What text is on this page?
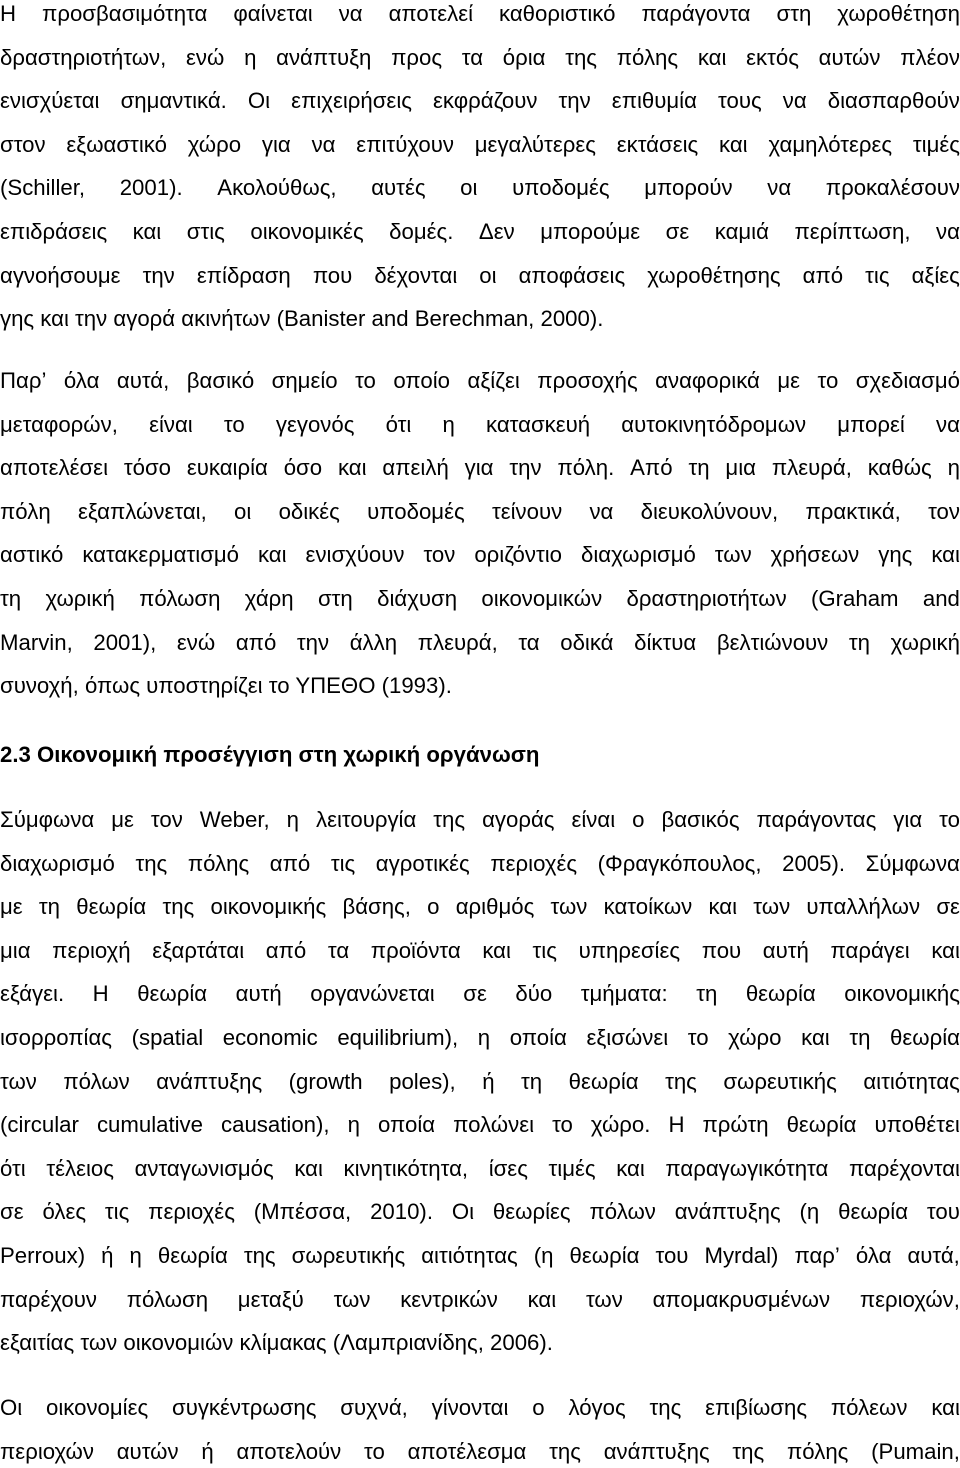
Η προσβασιμότητα φαίνεται να αποτελεί καθοριστικό παράγοντα στη χωροθέτηση
δραστηριοτήτων, ενώ η ανάπτυξη προς τα όρια της πόλης και εκτός αυτών πλέον
ενισχύεται σημαντικά. Οι επιχειρήσεις εκφράζουν την επιθυμία τους να διασπαρθούν
στον εξωαστικό χώρο για να επιτύχουν μεγαλύτερες εκτάσεις και χαμηλότερες τιμές
(Schiller, 2001). Ακολούθως, αυτές οι υποδομές μπορούν να προκαλέσουν
επιδράσεις και στις οικονομικές δομές. Δεν μπορούμε σε καμιά περίπτωση, να
αγνοήσουμε την επίδραση που δέχονται οι αποφάσεις χωροθέτησης από τις αξίες
γης και την αγορά ακινήτων (Banister and Berechman, 2000).
Παρ’ όλα αυτά, βασικό σημείο το οποίο αξίζει προσοχής αναφορικά με το σχεδιασμό
μεταφορών, είναι το γεγονός ότι η κατασκευή αυτοκινητόδρομων μπορεί να
αποτελέσει τόσο ευκαιρία όσο και απειλή για την πόλη. Από τη μια πλευρά, καθώς η
πόλη εξαπλώνεται, οι οδικές υποδομές τείνουν να διευκολύνουν, πρακτικά, τον
αστικό κατακερματισμό και ενισχύουν τον οριζόντιο διαχωρισμό των χρήσεων γης και
τη χωρική πόλωση χάρη στη διάχυση οικονομικών δραστηριοτήτων (Graham and
Marvin, 2001), ενώ από την άλλη πλευρά, τα οδικά δίκτυα βελτιώνουν τη χωρική
συνοχή, όπως υποστηρίζει το ΥΠΕΘΟ (1993).
2.3 Οικονομική προσέγγιση στη χωρική οργάνωση
Σύμφωνα με τον Weber, η λειτουργία της αγοράς είναι ο βασικός παράγοντας για το
διαχωρισμό της πόλης από τις αγροτικές περιοχές (Φραγκόπουλος, 2005). Σύμφωνα
με τη θεωρία της οικονομικής βάσης, ο αριθμός των κατοίκων και των υπαλλήλων σε
μια περιοχή εξαρτάται από τα προϊόντα και τις υπηρεσίες που αυτή παράγει και
εξάγει. Η θεωρία αυτή οργανώνεται σε δύο τμήματα: τη θεωρία οικονομικής
ισορροπίας (spatial economic equilibrium), η οποία εξισώνει το χώρο και τη θεωρία
των πόλων ανάπτυξης (growth poles), ή τη θεωρία της σωρευτικής αιτιότητας
(circular cumulative causation), η οποία πολώνει το χώρο. Η πρώτη θεωρία υποθέτει
ότι τέλειος ανταγωνισμός και κινητικότητα, ίσες τιμές και παραγωγικότητα παρέχονται
σε όλες τις περιοχές (Μπέσσα, 2010). Οι θεωρίες πόλων ανάπτυξης (η θεωρία του
Perroux) ή η θεωρία της σωρευτικής αιτιότητας (η θεωρία του Myrdal) παρ’ όλα αυτά,
παρέχουν πόλωση μεταξύ των κεντρικών και των απομακρυσμένων περιοχών,
εξαιτίας των οικονομιών κλίμακας (Λαμπριανίδης, 2006).
Οι οικονομίες συγκέντρωσης συχνά, γίνονται ο λόγος της επιβίωσης πόλεων και
περιοχών αυτών ή αποτελούν το αποτέλεσμα της ανάπτυξης της πόλης (Pumain,
